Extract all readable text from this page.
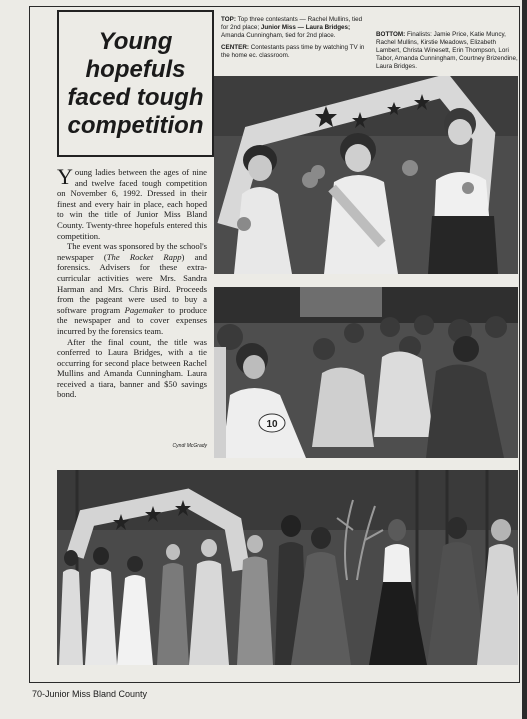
Young
hopefuls
faced tough
competition
TOP: Top three contestants — Rachel Mullins, tied for 2nd place; Junior Miss — Laura Bridges; Amanda Cunningham, tied for 2nd place.
CENTER: Contestants pass time by watching TV in the home ec. classroom.
BOTTOM: Finalists: Jamie Price, Katie Muncy, Rachel Mullins, Kirstie Meadows, Elizabeth Lambert, Christa Winesett, Erin Thompson, Lori Tabor, Amanda Cunningham, Courtney Brizendine, Laura Bridges.
10

Young ladies between the ages of nine and twelve faced tough competition on November 6, 1992. Dressed in their finest and every hair in place, each hoped to win the title of Junior Miss Bland County. Twenty-three hopefuls entered this competition.

The event was sponsored by the school's newspaper (The Rocket Rapp) and forensics. Advisers for these extra-curricular activities were Mrs. Sandra Harman and Mrs. Chris Bird. Proceeds from the pageant were used to buy a software program Pagemaker to produce the newspaper and to cover expenses incurred by the forensics team.

After the final count, the title was conferred to Laura Bridges, with a tie occurring for second place between Rachel Mullins and Amanda Cunningham. Laura received a tiara, banner and $50 savings bond.

Cyndi McGrady
70-Junior Miss Bland County
